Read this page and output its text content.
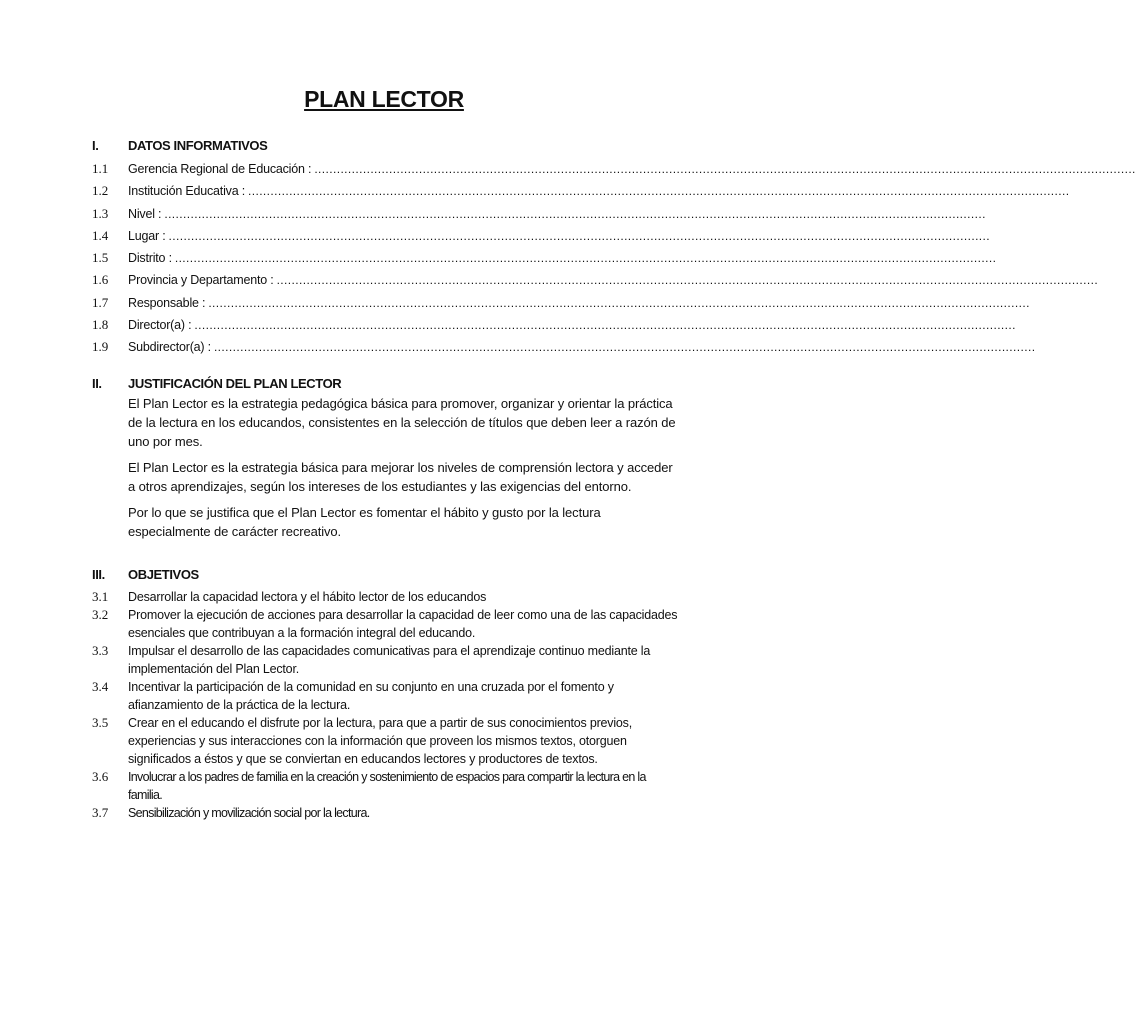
PLAN LECTOR
I.	DATOS INFORMATIVOS
1.1	Gerencia Regional de Educación : ............................................................................................................................................................................................................................
1.2	Institución Educativa : ............................................................................................................................................................................................................................
1.3	Nivel : ............................................................................................................................................................................................................................
1.4	Lugar : ............................................................................................................................................................................................................................
1.5	Distrito : ............................................................................................................................................................................................................................
1.6	Provincia y Departamento : ............................................................................................................................................................................................................................
1.7	Responsable : ............................................................................................................................................................................................................................
1.8	Director(a) : ............................................................................................................................................................................................................................
1.9	Subdirector(a) : ............................................................................................................................................................................................................................
II.	JUSTIFICACIÓN DEL PLAN LECTOR

El Plan Lector es la estrategia pedagógica básica para promover, organizar y orientar la práctica de la lectura en los educandos, consistentes en la selección de títulos que deben leer a razón de uno por mes.

El Plan Lector es la estrategia básica para mejorar los niveles de comprensión lectora y acceder a otros aprendizajes, según los intereses de los estudiantes y las exigencias del entorno.

Por lo que se justifica que el Plan Lector es fomentar el hábito y gusto por la lectura especialmente de carácter recreativo.

III.	OBJETIVOS
3.1	Desarrollar la capacidad lectora y el hábito lector de los educandos
3.2	Promover la ejecución de acciones para desarrollar la capacidad de leer como una de las capacidades esenciales que contribuyan a la formación integral del educando.
3.3	Impulsar el desarrollo de las capacidades comunicativas para el aprendizaje continuo mediante la implementación del Plan Lector.
3.4	Incentivar la participación de la comunidad en su conjunto en una cruzada por el fomento y afianzamiento de la práctica de la lectura.
3.5	Crear en el educando el disfrute por la lectura, para que a partir de sus conocimientos previos, experiencias y sus interacciones con la información que proveen los mismos textos, otorguen significados a éstos y que se conviertan en educandos lectores y productores de textos.
3.6	Involucrar a los padres de familia en la creación y sostenimiento de espacios para compartir la lectura en la familia.
3.7	Sensibilización y movilización social por la lectura.
